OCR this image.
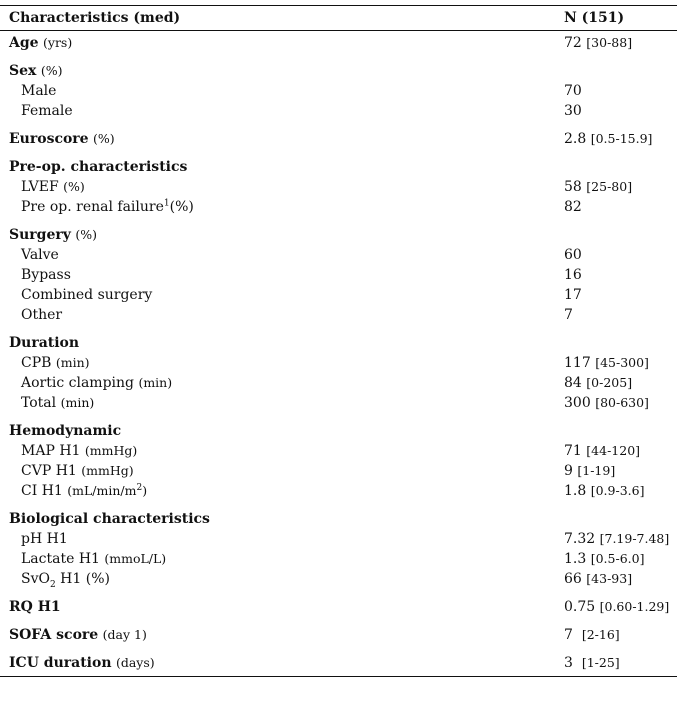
Characteristics (med)	N (151)
Age (yrs)	72 [30-88]
Sex (%)
Male	70
Female	30
Euroscore (%)	2.8 [0.5-15.9]
Pre-op. characteristics
LVEF (%)	58 [25-80]
Pre op. renal failure$^1$(%)	82
Surgery (%)
Valve	60
Bypass	16
Combined surgery	17
Other	7
Duration
CPB (min)	117 [45-300]
Aortic clamping (min)	84 [0-205]
Total (min)	300 [80-630]
Hemodynamic
MAP H1 (mmHg)	71 [44-120]
CVP H1 (mmHg)	9 [1-19]
CI H1 $(mL/\min/m^2)$	1.8 [0.9-3.6]
Biological characteristics
pH H1	7.32 [7.19-7.48]
Lactate H1 (mmoL/L)	1.3 [0.5-6.0]
SvO$_2$ H1 (%)	66 [43-93]
RQ H1	0.75 [0.60-1.29]
SOFA score (day 1)	7 [2-16]
ICU duration (days)	3 [1-25]
